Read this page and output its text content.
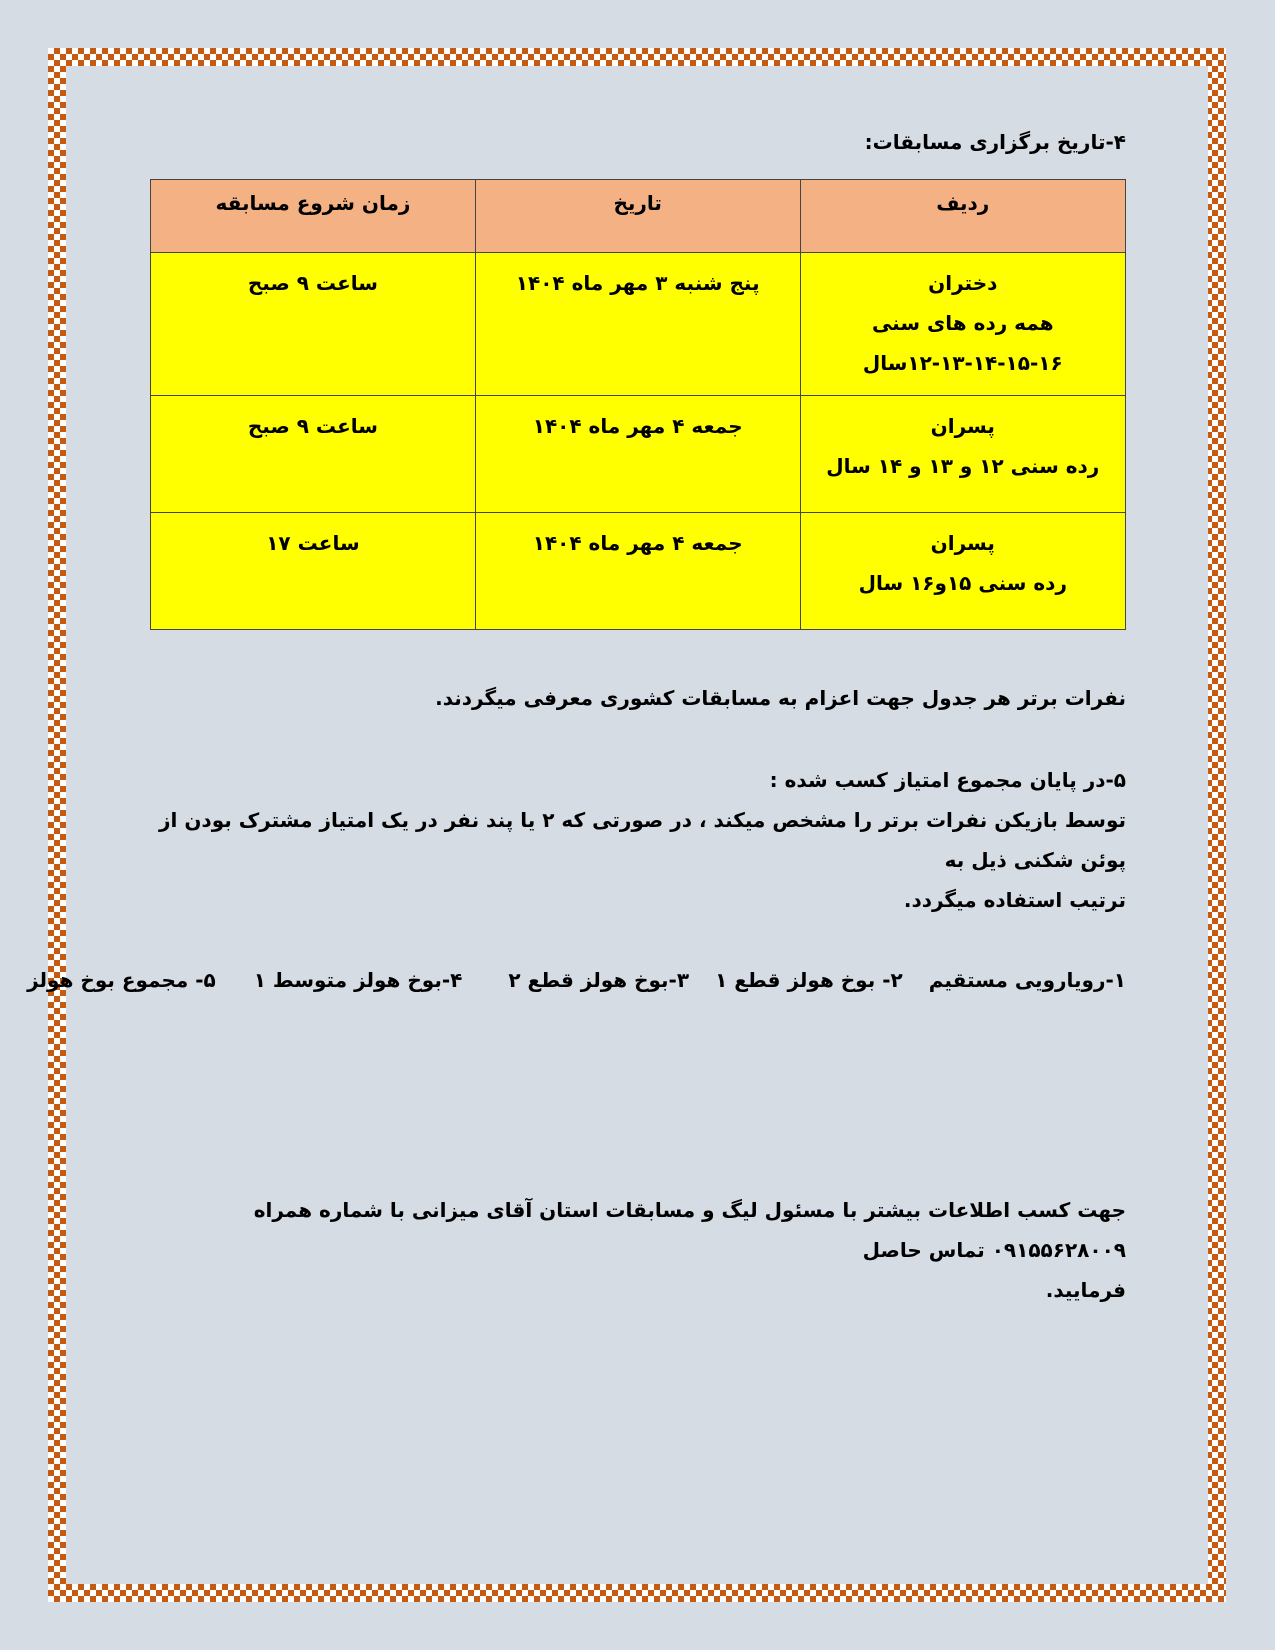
۴-تاریخ برگزاری مسابقات:

ردیف	تاریخ	زمان شروع مسابقه

دختران
همه رده های سنی
۱۲-۱۳-۱۴-۱۵-۱۶سال	پنج شنبه ۳ مهر ماه ۱۴۰۴	ساعت ۹ صبح

پسران
رده سنی ۱۲ و ۱۳ و ۱۴ سال	جمعه ۴ مهر ماه ۱۴۰۴	ساعت ۹ صبح

پسران
رده سنی ۱۵و۱۶ سال	جمعه ۴ مهر ماه ۱۴۰۴	ساعت ۱۷

نفرات برتر هر جدول جهت اعزام به مسابقات کشوری معرفی میگردند.

۵-در پایان مجموع امتیاز کسب شده :

توسط بازیکن نفرات برتر را مشخص میکند ، در صورتی که ۲ یا پند نفر در یک امتیاز مشترک بودن از پوئن شکنی ذیل به

ترتیب استفاده میگردد.

۱-رویارویی مستقیم
۲- بوخ هولز قطع ۱
۳-بوخ هولز قطع ۲
۴-بوخ هولز متوسط ۱
۵- مجموع بوخ هولز

جهت کسب اطلاعات بیشتر با مسئول لیگ و مسابقات استان آقای میزانی با شماره همراه ۰۹۱۵۵۶۲۸۰۰۹ تماس حاصل

فرمایید.
